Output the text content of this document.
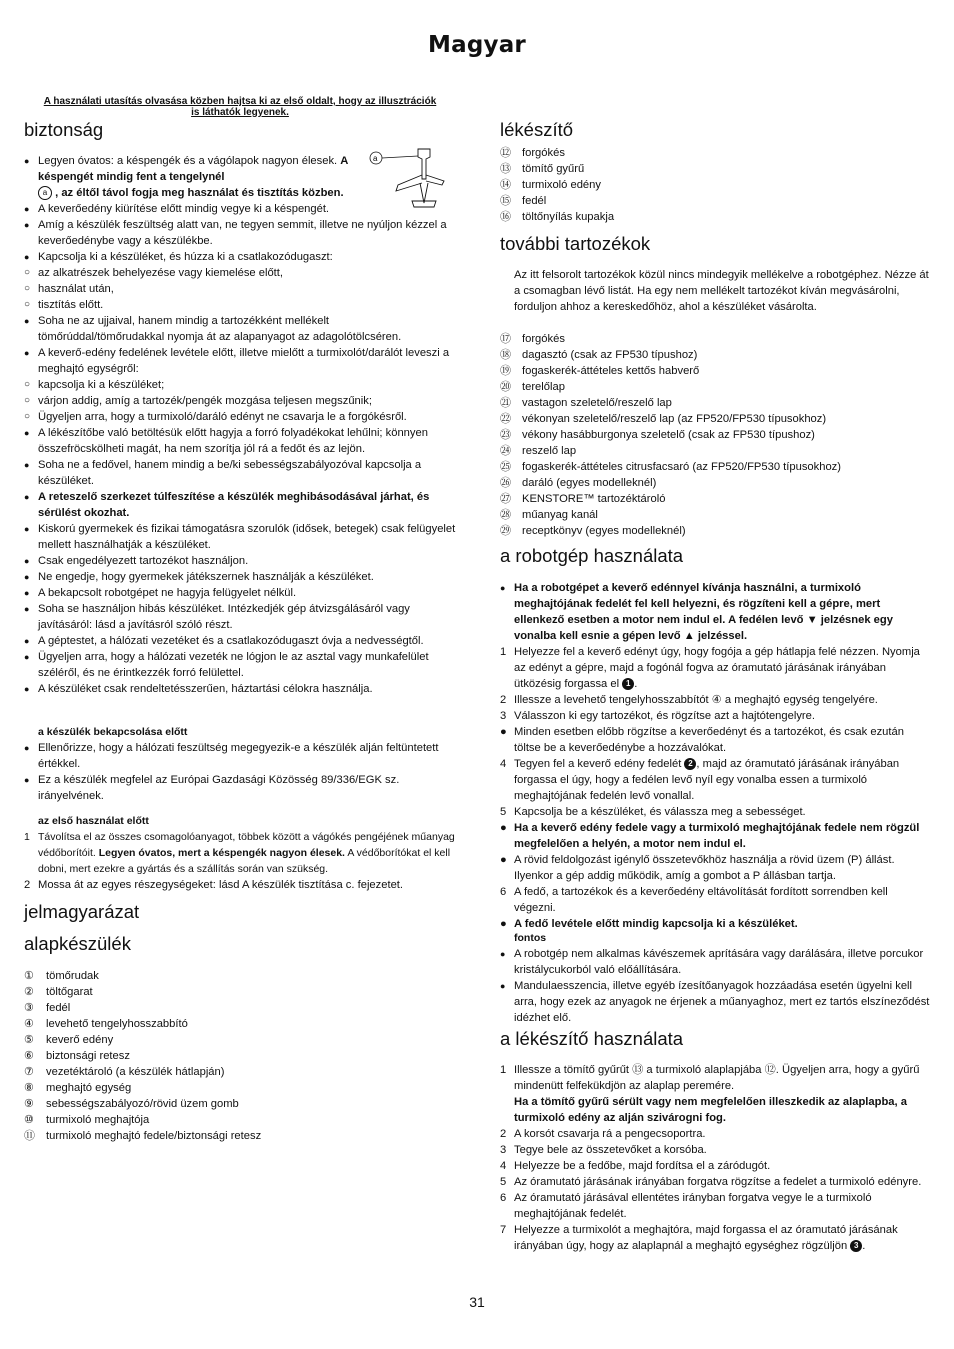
Magyar
A használati utasítás olvasása közben hajtsa ki az első oldalt, hogy az illusztrációk is láthatók legyenek.
biztonság
a
● Legyen óvatos: a késpengék és a vágólapok nagyon élesek. A késpengét mindig fent a tengelynél
a , az éltől távol fogja meg használat és tisztítás közben.
● A keverőedény kiürítése előtt mindig vegye ki a késpengét.
● Amíg a készülék feszültség alatt van, ne tegyen semmit, illetve ne nyúljon kézzel a keverőedénybe vagy a készülékbe.
● Kapcsolja ki a készüléket, és húzza ki a csatlakozódugaszt:
○ az alkatrészek behelyezése vagy kiemelése előtt,
○ használat után,
○ tisztítás előtt.
● Soha ne az ujjaival, hanem mindig a tartozékként mellékelt tömőrúddal/tömőrudakkal nyomja át az alapanyagot az adagolótölcséren.
● A keverő-edény fedelének levétele előtt, illetve mielőtt a turmixolót/darálót leveszi a meghajtó egységről:
○ kapcsolja ki a készüléket;
○ várjon addig, amíg a tartozék/pengék mozgása teljesen megszűnik;
○ Ügyeljen arra, hogy a turmixoló/daráló edényt ne csavarja le a forgókésről.
● A lékészítőbe való betöltésük előtt hagyja a forró folyadékokat lehűlni; könnyen összefröcskölheti magát, ha nem szorítja jól rá a fedőt és az lejön.
● Soha ne a fedővel, hanem mindig a be/ki sebességszabályozóval kapcsolja a készüléket.
● A reteszelő szerkezet túlfeszítése a készülék meghibásodásával járhat, és sérülést okozhat.
● Kiskorú gyermekek és fizikai támogatásra szorulók (idősek, betegek) csak felügyelet mellett használhatják a készüléket.
● Csak engedélyezett tartozékot használjon.
● Ne engedje, hogy gyermekek játékszernek használják a készüléket.
● A bekapcsolt robotgépet ne hagyja felügyelet nélkül.
● Soha se használjon hibás készüléket. Intézkedjék gép átvizsgálásáról vagy javításáról: lásd a javításról szóló részt.
● A géptestet, a hálózati vezetéket és a csatlakozódugaszt óvja a nedvességtől.
● Ügyeljen arra, hogy a hálózati vezeték ne lógjon le az asztal vagy munkafelület széléről, és ne érintkezzék forró felülettel.
● A készüléket csak rendeltetésszerűen, háztartási célokra használja.
a készülék bekapcsolása előtt
● Ellenőrizze, hogy a hálózati feszültség megegyezik-e a készülék alján feltüntetett értékkel.
● Ez a készülék megfelel az Európai Gazdasági Közösség 89/336/EGK sz. irányelvének.
az első használat előtt
1 Távolítsa el az összes csomagolóanyagot, többek között a vágókés pengéjének műanyag védőborítóit. Legyen óvatos, mert a késpengék nagyon élesek. A védőborítókat el kell dobni, mert ezekre a gyártás és a szállítás során van szükség.
2 Mossa át az egyes részegységeket: lásd A készülék tisztítása c. fejezetet.
jelmagyarázat
alapkészülék
① tömőrudak
② töltőgarat
③ fedél
④ levehető tengelyhosszabbító
⑤ keverő edény
⑥ biztonsági retesz
⑦ vezetéktároló (a készülék hátlapján)
⑧ meghajtó egység
⑨ sebességszabályozó/rövid üzem gomb
⑩ turmixoló meghajtója
⑪ turmixoló meghajtó fedele/biztonsági retesz
lékészítő
⑫ forgókés
⑬ tömítő gyűrű
⑭ turmixoló edény
⑮ fedél
⑯ töltőnyílás kupakja
további tartozékok
Az itt felsorolt tartozékok közül nincs mindegyik mellékelve a robotgéphez. Nézze át a csomagban lévő listát. Ha egy nem mellékelt tartozékot kíván megvásárolni, forduljon ahhoz a kereskedőhöz, ahol a készüléket vásárolta.
⑰ forgókés
⑱ dagasztó (csak az FP530 típushoz)
⑲ fogaskerék-áttételes kettős habverő
⑳ terelőlap
㉑ vastagon szeletelő/reszelő lap
㉒ vékonyan szeletelő/reszelő lap (az FP520/FP530 típusokhoz)
㉓ vékony hasábburgonya szeletelő (csak az FP530 típushoz)
㉔ reszelő lap
㉕ fogaskerék-áttételes citrusfacsaró (az FP520/FP530 típusokhoz)
㉖ daráló (egyes modelleknél)
㉗ KENSTORE™ tartozéktároló
㉘ műanyag kanál
㉙ receptkönyv (egyes modelleknél)
a robotgép használata
● Ha a robotgépet a keverő edénnyel kívánja használni, a turmixoló meghajtójának fedelét fel kell helyezni, és rögzíteni kell a gépre, mert ellenkező esetben a motor nem indul el. A fedélen levő ▼ jelzésnek egy vonalba kell esnie a gépen levő ▲ jelzéssel.
1 Helyezze fel a keverő edényt úgy, hogy fogója a gép hátlapja felé nézzen. Nyomja az edényt a gépre, majd a fogónál fogva az óramutató járásának irányában ütközésig forgassa el 1 .
2 Illessze a levehető tengelyhosszabbítót ④ a meghajtó egység tengelyére.
3 Válasszon ki egy tartozékot, és rögzítse azt a hajtótengelyre.
● Minden esetben előbb rögzítse a keverőedényt és a tartozékot, és csak ezután töltse be a keverőedénybe a hozzávalókat.
4 Tegyen fel a keverő edény fedelét 2 , majd az óramutató járásának irányában forgassa el úgy, hogy a fedélen levő nyíl egy vonalba essen a turmixoló meghajtójának fedelén levő vonallal.
5 Kapcsolja be a készüléket, és válassza meg a sebességet.
● Ha a keverő edény fedele vagy a turmixoló meghajtójának fedele nem rögzül megfelelően a helyén, a motor nem indul el.
● A rövid feldolgozást igénylő összetevőkhöz használja a rövid üzem (P) állást. Ilyenkor a gép addig működik, amíg a gombot a P állásban tartja.
6 A fedő, a tartozékok és a keverőedény eltávolítását fordított sorrendben kell végezni.
● A fedő levétele előtt mindig kapcsolja ki a készüléket.
fontos
● A robotgép nem alkalmas kávészemek aprítására vagy darálására, illetve porcukor kristálycukorból való előállítására.
● Mandulaesszencia, illetve egyéb ízesítőanyagok hozzáadása esetén ügyelni kell arra, hogy ezek az anyagok ne érjenek a műanyaghoz, mert ez tartós elszíneződést idézhet elő.
a lékészítő használata
1 Illessze a tömítő gyűrűt ⑬ a turmixoló alaplapjába ⑫. Ügyeljen arra, hogy a gyűrű mindenütt felfekükdjön az alaplap peremére.
Ha a tömítő gyűrű sérült vagy nem megfelelően illeszkedik az alaplapba, a turmixoló edény az alján szivárogni fog.
2 A korsót csavarja rá a pengecsoportra.
3 Tegye bele az összetevőket a korsóba.
4 Helyezze be a fedőbe, majd fordítsa el a záródugót.
5 Az óramutató járásának irányában forgatva rögzítse a fedelet a turmixoló edényre.
6 Az óramutató járásával ellentétes irányban forgatva vegye le a turmixoló meghajtójának fedelét.
7 Helyezze a turmixolót a meghajtóra, majd forgassa el az óramutató járásának irányában úgy, hogy az alaplapnál a meghajtó egységhez rögzüljön 3 .
31
